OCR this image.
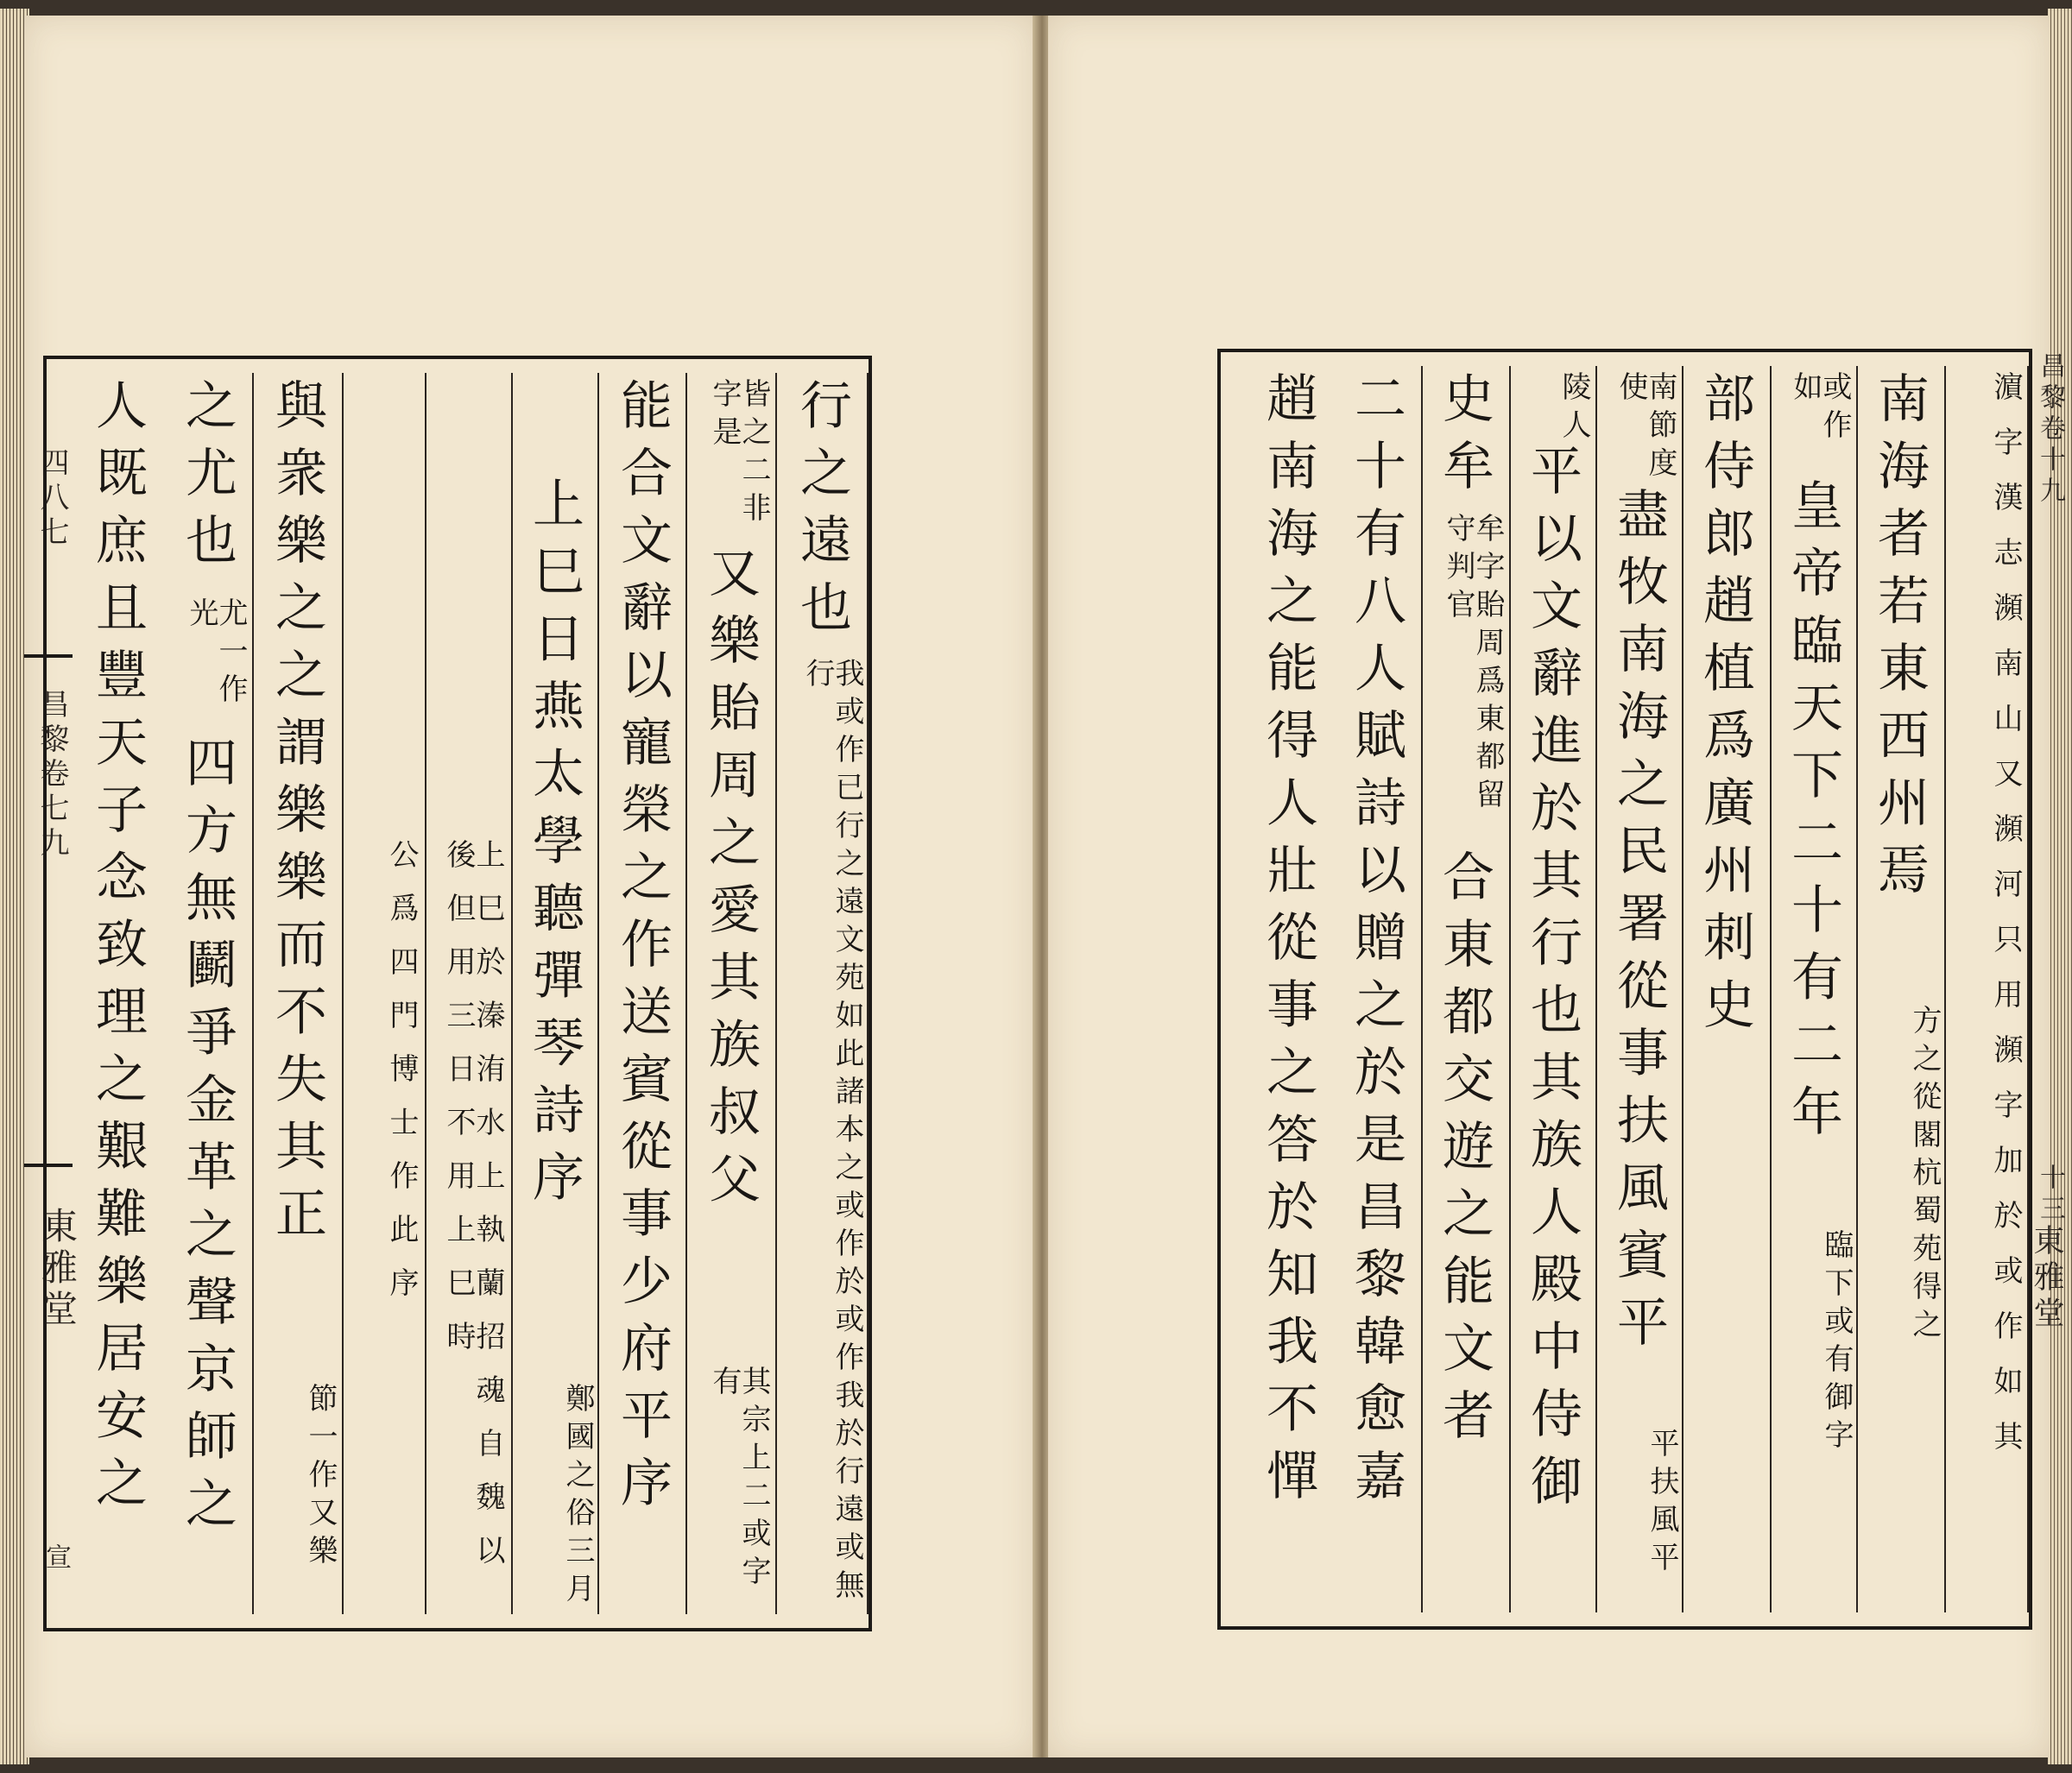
四八七
昌黎卷七九
東雅堂
宣
行之遠也
我或作已行之遠文苑如此諸本之或作於或作我於行遠或無行
皆之二非字是
又樂貽周之愛其族叔父
其宗上二或字有
能合文辭以寵榮之作送賓從事少府平序
上巳日燕太學聽彈琴詩序
鄭國之俗三月
上巳於溱洧水上執蘭招魂自魏以後但用三日不用上巳時
公爲四門博士作此序
與衆樂之之謂樂樂而不失其正
節一作又樂
之尤也
尤一作光
四方無鬬爭金革之聲京師之
人既庶且豐天子念致理之艱難樂居安之	昌黎卷十九
十三
東雅堂
濵字漢志瀕南山又瀕河只用瀕字加於或作如其
南海者若東西州焉
方之從閣杭蜀苑得之
或作如
皇帝臨天下二十有二年
臨下或有御字
部侍郎趙植爲廣州刺史
南節度使
盡牧南海之民署從事扶風賓平
平扶風平
陵人
平以文辭進於其行也其族人殿中侍御
史牟
牟字貽周爲東都留守判官
合東都交遊之能文者
二十有八人賦詩以贈之於是昌黎韓愈嘉
趙南海之能得人壯從事之答於知我不憚
